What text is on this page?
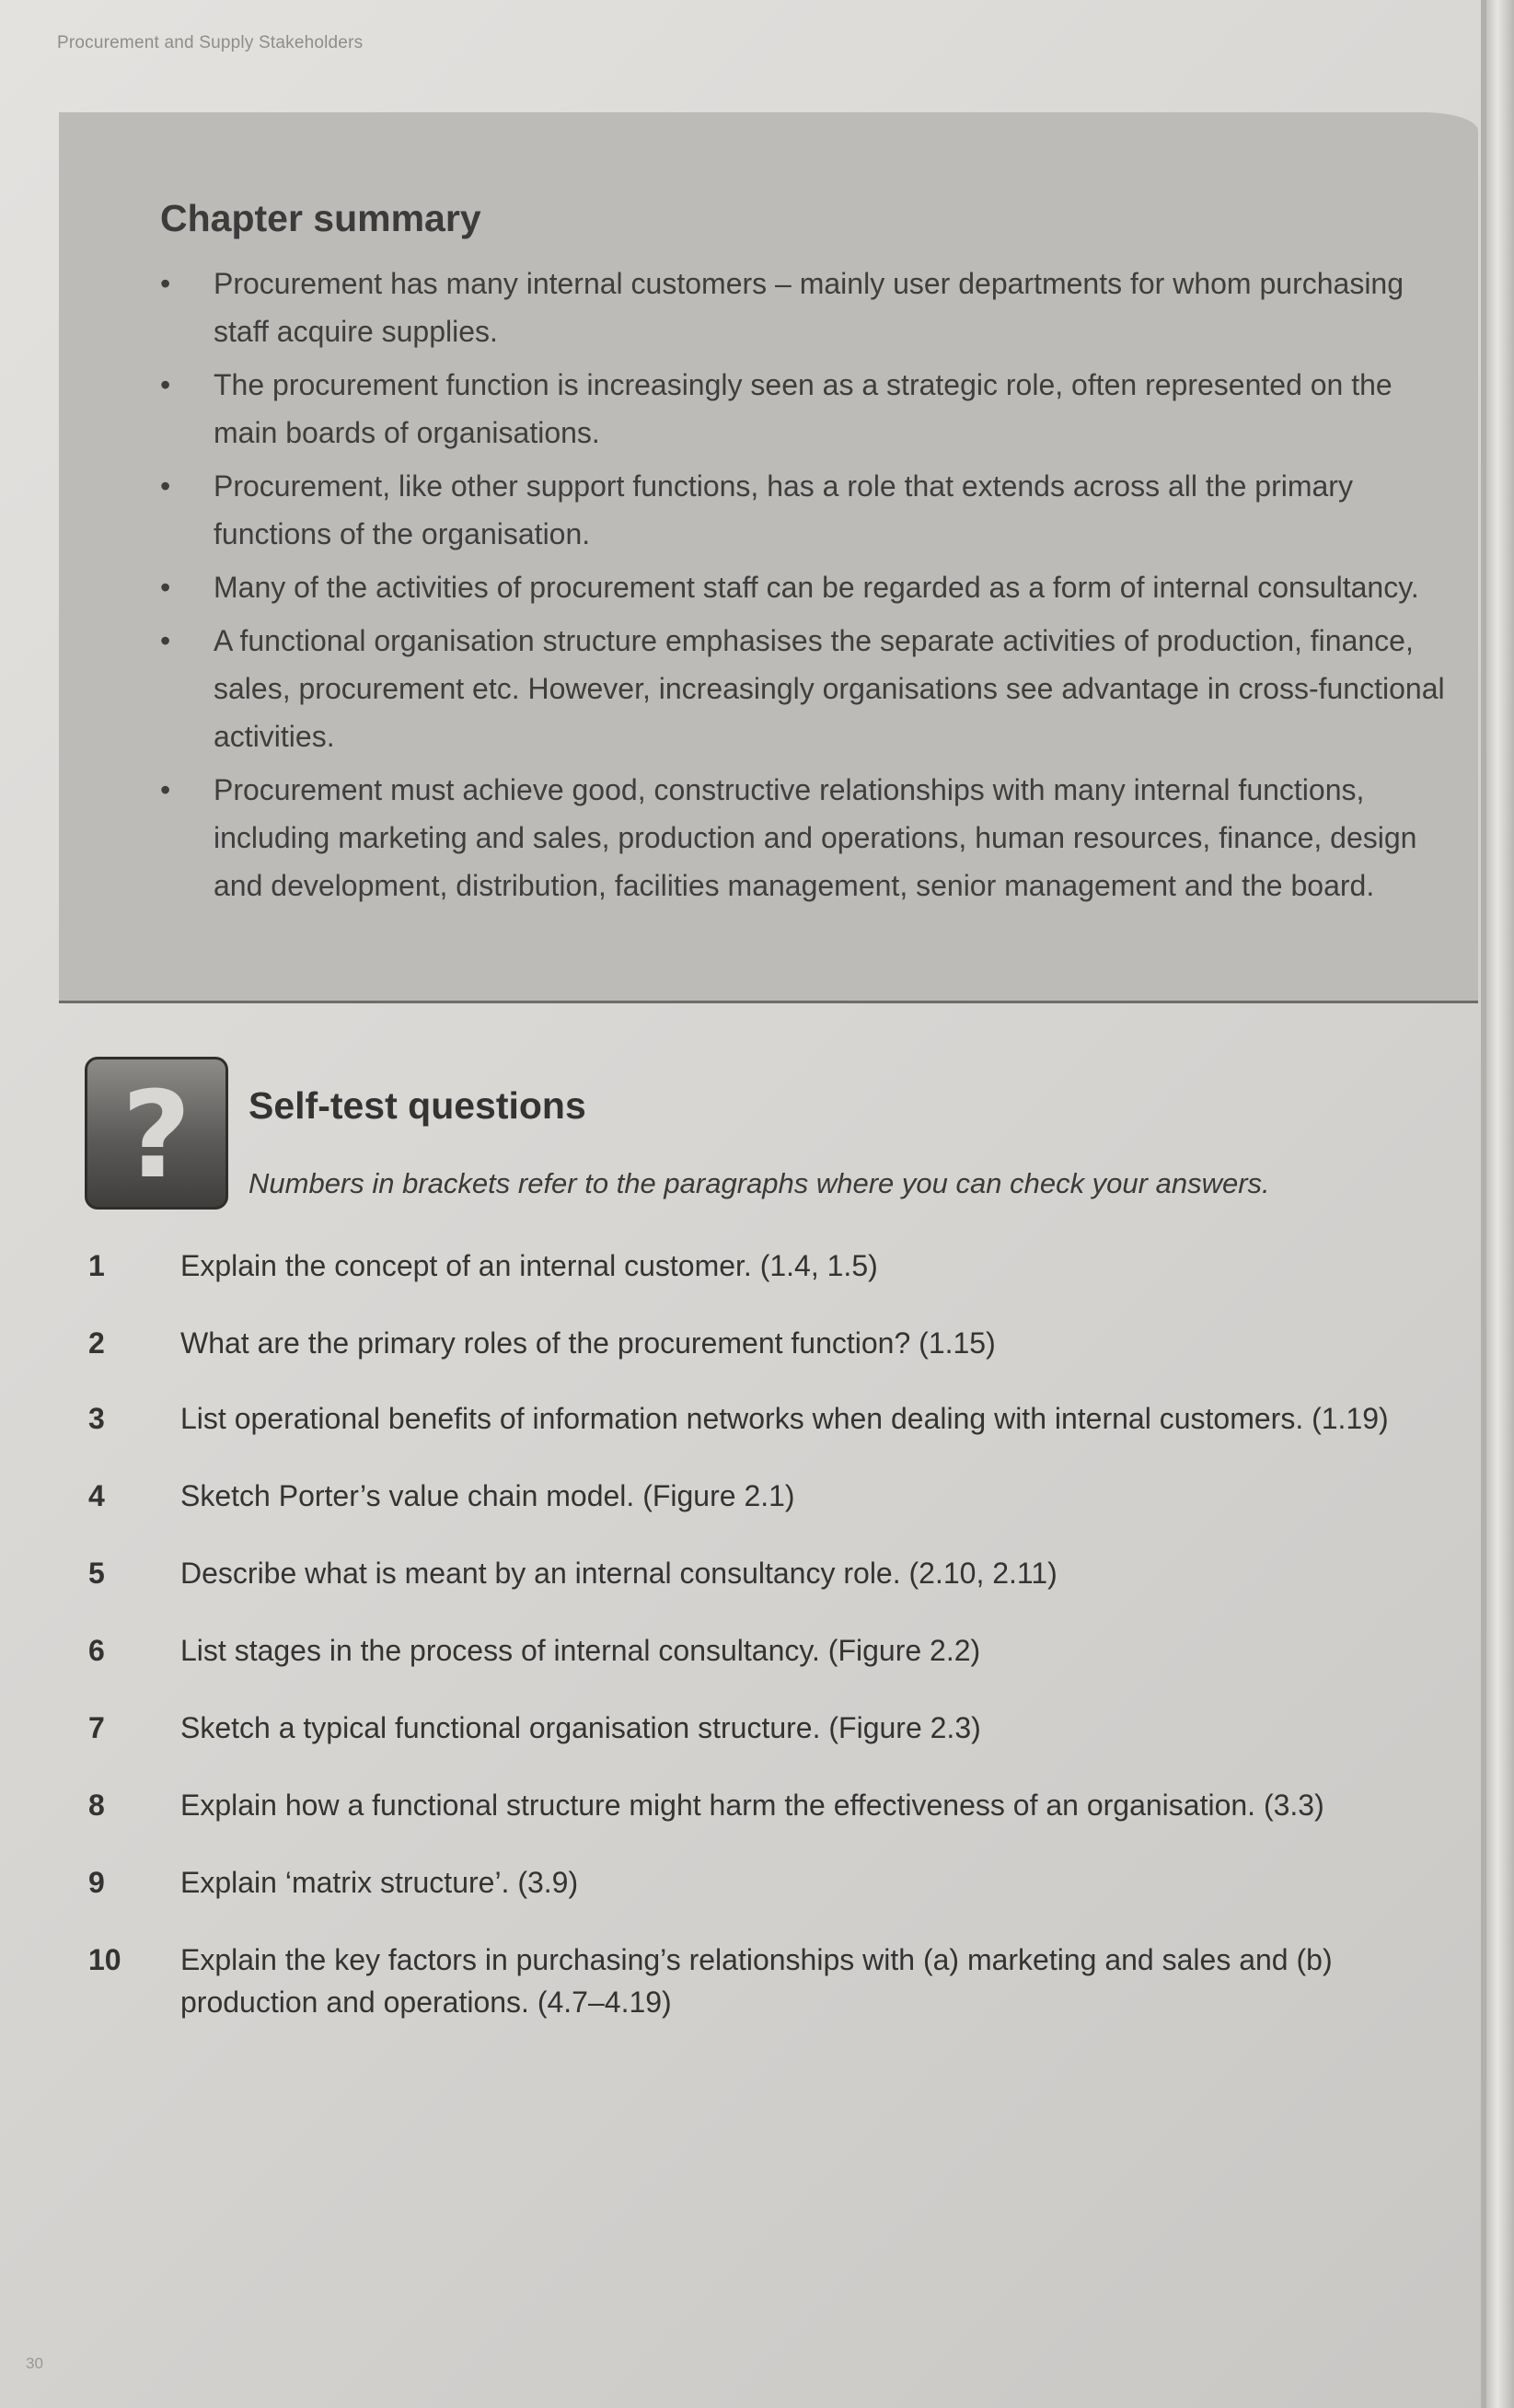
Procurement and Supply Stakeholders
Chapter summary
• Procurement has many internal customers – mainly user departments for whom purchasing staff acquire supplies.
• The procurement function is increasingly seen as a strategic role, often represented on the main boards of organisations.
• Procurement, like other support functions, has a role that extends across all the primary functions of the organisation.
• Many of the activities of procurement staff can be regarded as a form of internal consultancy.
• A functional organisation structure emphasises the separate activities of production, finance, sales, procurement etc. However, increasingly organisations see advantage in cross-functional activities.
• Procurement must achieve good, constructive relationships with many internal functions, including marketing and sales, production and operations, human resources, finance, design and development, distribution, facilities management, senior management and the board.
?	Self-test questions
Numbers in brackets refer to the paragraphs where you can check your answers.
1	Explain the concept of an internal customer. (1.4, 1.5)
2	What are the primary roles of the procurement function? (1.15)
3	List operational benefits of information networks when dealing with internal customers. (1.19)
4	Sketch Porter’s value chain model. (Figure 2.1)
5	Describe what is meant by an internal consultancy role. (2.10, 2.11)
6	List stages in the process of internal consultancy. (Figure 2.2)
7	Sketch a typical functional organisation structure. (Figure 2.3)
8	Explain how a functional structure might harm the effectiveness of an organisation. (3.3)
9	Explain ‘matrix structure’. (3.9)
10	Explain the key factors in purchasing’s relationships with (a) marketing and sales and (b) production and operations. (4.7–4.19)
30
